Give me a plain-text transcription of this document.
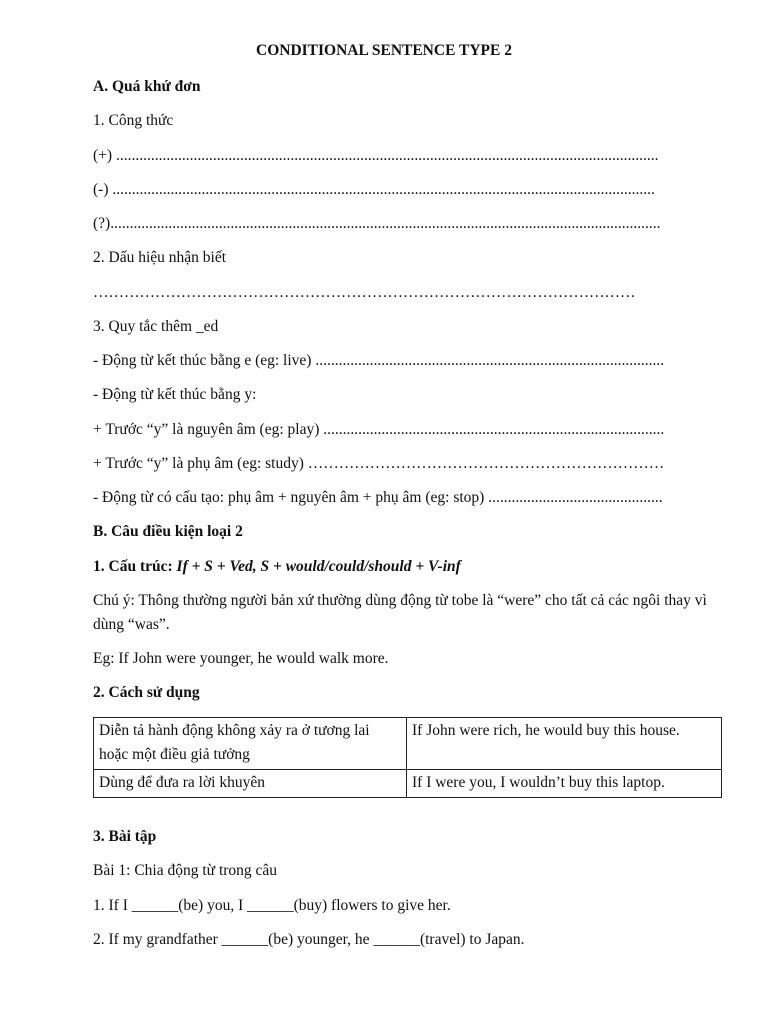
CONDITIONAL SENTENCE TYPE 2
A. Quá khứ đơn
1. Công thức
(+) ............................................................................................................................................
(-) ............................................................................................................................................
(?)..............................................................................................................................................
2. Dấu hiệu nhận biết
……………………………………………………………………………………………
3. Quy tắc thêm _ed
- Động từ kết thúc bằng e (eg: live) ..........................................................................................
- Động từ kết thúc bằng y:
+ Trước “y” là nguyên âm (eg: play) ........................................................................................
+ Trước “y” là phụ âm (eg: study) ……………………………………………………………
- Động từ có cấu tạo: phụ âm + nguyên âm + phụ âm (eg: stop) .............................................
B. Câu điều kiện loại 2
1. Cấu trúc: If + S + Ved, S + would/could/should + V-inf
Chú ý: Thông thường người bản xứ thường dùng động từ tobe là “were” cho tất cả các ngôi thay vì dùng “was”.
Eg: If John were younger, he would walk more.
2. Cách sử dụng
Diễn tả hành động không xảy ra ở tương lai hoặc một điều giả tưởng	If John were rich, he would buy this house.
Dùng để đưa ra lời khuyên	If I were you, I wouldn’t buy this laptop.
3. Bài tập
Bài 1: Chia động từ trong câu
1. If I ______(be) you, I ______(buy) flowers to give her.
2. If my grandfather ______(be) younger, he ______(travel) to Japan.
